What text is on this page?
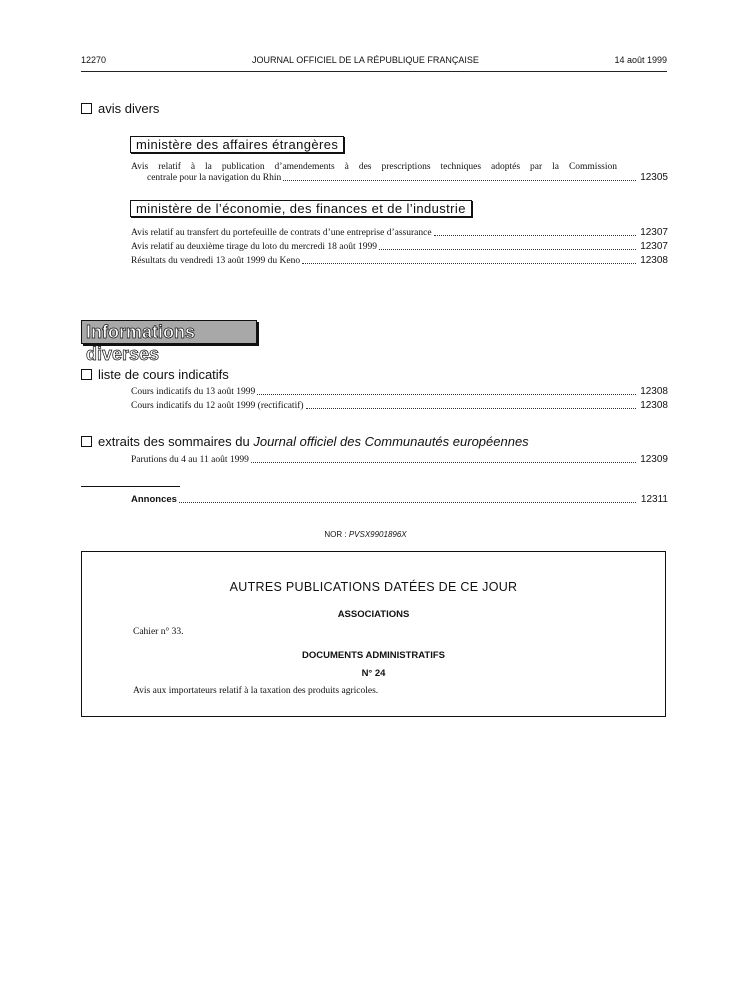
12270	JOURNAL OFFICIEL DE LA RÉPUBLIQUE FRANÇAISE	14 août 1999
avis divers
ministère des affaires étrangères
Avis relatif à la publication d’amendements à des prescriptions techniques adoptés par la Commission
centrale pour la navigation du Rhin	12305
ministère de l’économie, des finances et de l’industrie
Avis relatif au transfert du portefeuille de contrats d’une entreprise d’assurance	12307
Avis relatif au deuxième tirage du loto du mercredi 18 août 1999	12307
Résultats du vendredi 13 août 1999 du Keno	12308
Informations diverses
liste de cours indicatifs
Cours indicatifs du 13 août 1999	12308
Cours indicatifs du 12 août 1999 (rectificatif)	12308
extraits des sommaires du Journal officiel des Communautés européennes
Parutions du 4 au 11 août 1999	12309
Annonces	12311
NOR : PVSX9901896X
AUTRES PUBLICATIONS DATÉES DE CE JOUR
ASSOCIATIONS
Cahier n° 33.
DOCUMENTS ADMINISTRATIFS
N° 24
Avis aux importateurs relatif à la taxation des produits agricoles.
